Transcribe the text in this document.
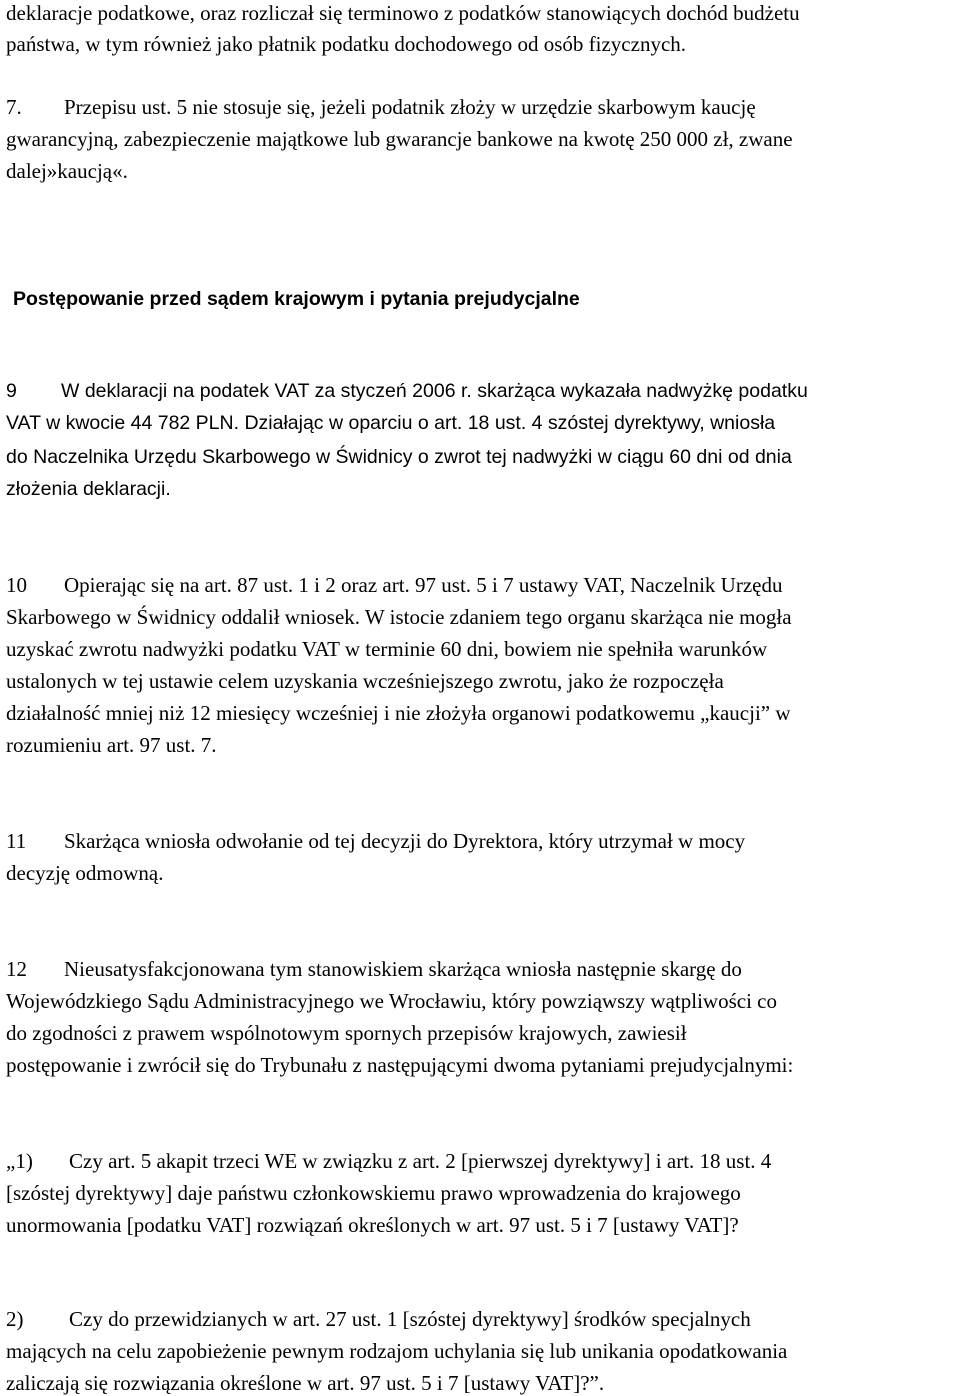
deklaracje podatkowe, oraz rozliczał się terminowo z podatków stanowiących dochód budżetu
państwa, w tym również jako płatnik podatku dochodowego od osób fizycznych.
7. Przepisu ust. 5 nie stosuje się, jeżeli podatnik złoży w urzędzie skarbowym kaucję
gwarancyjną, zabezpieczenie majątkowe lub gwarancje bankowe na kwotę 250 000 zł, zwane
dalej»kaucją«.
Postępowanie przed sądem krajowym i pytania prejudycjalne
9 W deklaracji na podatek VAT za styczeń 2006 r. skarżąca wykazała nadwyżkę podatku
VAT w kwocie 44 782 PLN. Działając w oparciu o art. 18 ust. 4 szóstej dyrektywy, wniosła
do Naczelnika Urzędu Skarbowego w Świdnicy o zwrot tej nadwyżki w ciągu 60 dni od dnia
złożenia deklaracji.
10 Opierając się na art. 87 ust. 1 i 2 oraz art. 97 ust. 5 i 7 ustawy VAT, Naczelnik Urzędu
Skarbowego w Świdnicy oddalił wniosek. W istocie zdaniem tego organu skarżąca nie mogła
uzyskać zwrotu nadwyżki podatku VAT w terminie 60 dni, bowiem nie spełniła warunków
ustalonych w tej ustawie celem uzyskania wcześniejszego zwrotu, jako że rozpoczęła
działalność mniej niż 12 miesięcy wcześniej i nie złożyła organowi podatkowemu „kaucji” w
rozumieniu art. 97 ust. 7.
11 Skarżąca wniosła odwołanie od tej decyzji do Dyrektora, który utrzymał w mocy
decyzję odmowną.
12 Nieusatysfakcjonowana tym stanowiskiem skarżąca wniosła następnie skargę do
Wojewódzkiego Sądu Administracyjnego we Wrocławiu, który powziąwszy wątpliwości co
do zgodności z prawem wspólnotowym spornych przepisów krajowych, zawiesił
postępowanie i zwrócił się do Trybunału z następującymi dwoma pytaniami prejudycjalnymi:
„1) Czy art. 5 akapit trzeci WE w związku z art. 2 [pierwszej dyrektywy] i art. 18 ust. 4
[szóstej dyrektywy] daje państwu członkowskiemu prawo wprowadzenia do krajowego
unormowania [podatku VAT] rozwiązań określonych w art. 97 ust. 5 i 7 [ustawy VAT]?
2) Czy do przewidzianych w art. 27 ust. 1 [szóstej dyrektywy] środków specjalnych
mających na celu zapobieżenie pewnym rodzajom uchylania się lub unikania opodatkowania
zaliczają się rozwiązania określone w art. 97 ust. 5 i 7 [ustawy VAT]?”.
